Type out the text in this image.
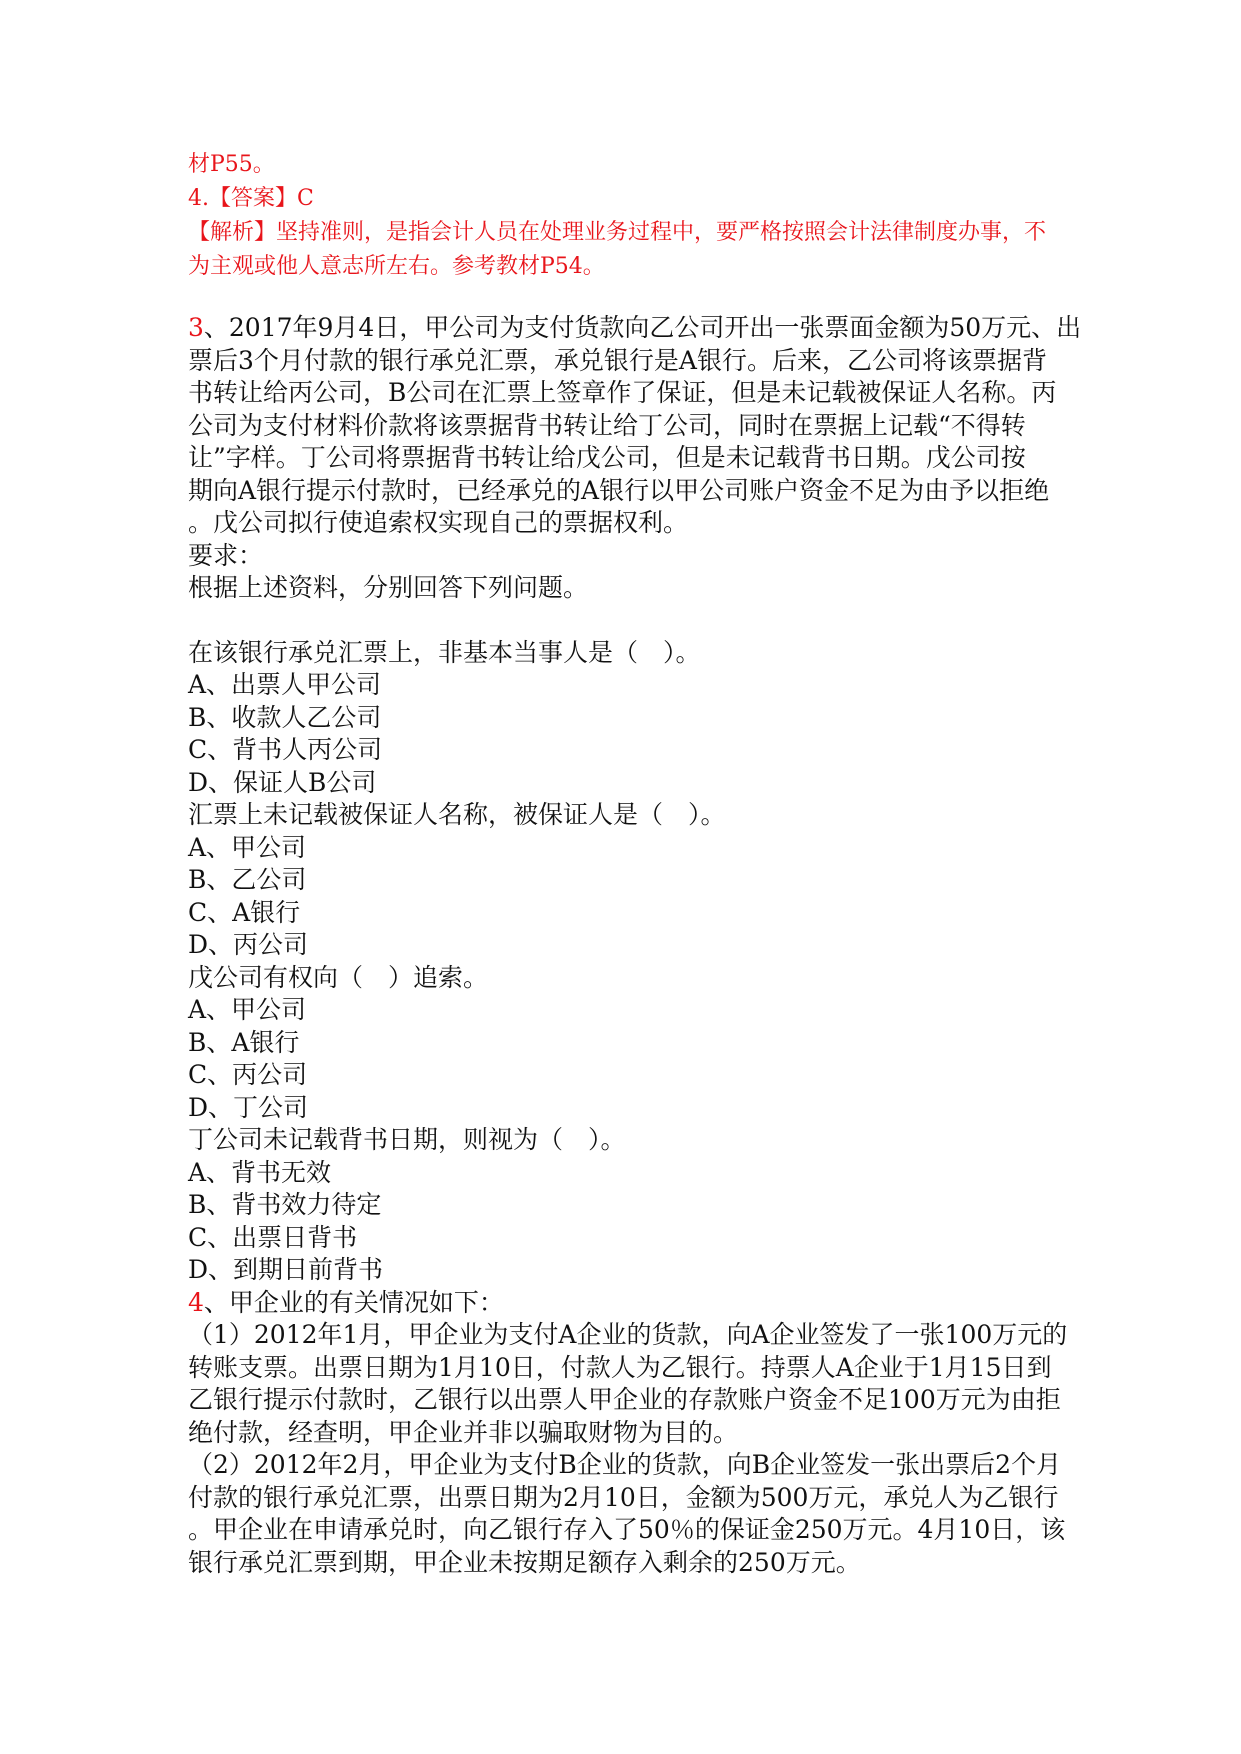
材P55。
4.【答案】C
【解析】坚持准则，是指会计人员在处理业务过程中，要严格按照会计法律制度办事，不
为主观或他人意志所左右。参考教材P54。
3、2017年9月4日，甲公司为支付货款向乙公司开出一张票面金额为50万元、出
票后3个月付款的银行承兑汇票，承兑银行是A银行。后来，乙公司将该票据背
书转让给丙公司，B公司在汇票上签章作了保证，但是未记载被保证人名称。丙
公司为支付材料价款将该票据背书转让给丁公司，同时在票据上记载“不得转
让”字样。丁公司将票据背书转让给戊公司，但是未记载背书日期。戊公司按
期向A银行提示付款时，已经承兑的A银行以甲公司账户资金不足为由予以拒绝
。戊公司拟行使追索权实现自己的票据权利。
要求：
根据上述资料，分别回答下列问题。
在该银行承兑汇票上，非基本当事人是（　）。
A、出票人甲公司
B、收款人乙公司
C、背书人丙公司
D、保证人B公司
汇票上未记载被保证人名称，被保证人是（　）。
A、甲公司
B、乙公司
C、A银行
D、丙公司
戊公司有权向（　）追索。
A、甲公司
B、A银行
C、丙公司
D、丁公司
丁公司未记载背书日期，则视为（　）。
A、背书无效
B、背书效力待定
C、出票日背书
D、到期日前背书
4、甲企业的有关情况如下：
（1）2012年1月，甲企业为支付A企业的货款，向A企业签发了一张100万元的
转账支票。出票日期为1月10日，付款人为乙银行。持票人A企业于1月15日到
乙银行提示付款时，乙银行以出票人甲企业的存款账户资金不足100万元为由拒
绝付款，经查明，甲企业并非以骗取财物为目的。
（2）2012年2月，甲企业为支付B企业的货款，向B企业签发一张出票后2个月
付款的银行承兑汇票，出票日期为2月10日，金额为500万元，承兑人为乙银行
。甲企业在申请承兑时，向乙银行存入了50％的保证金250万元。4月10日，该
银行承兑汇票到期，甲企业未按期足额存入剩余的250万元。
